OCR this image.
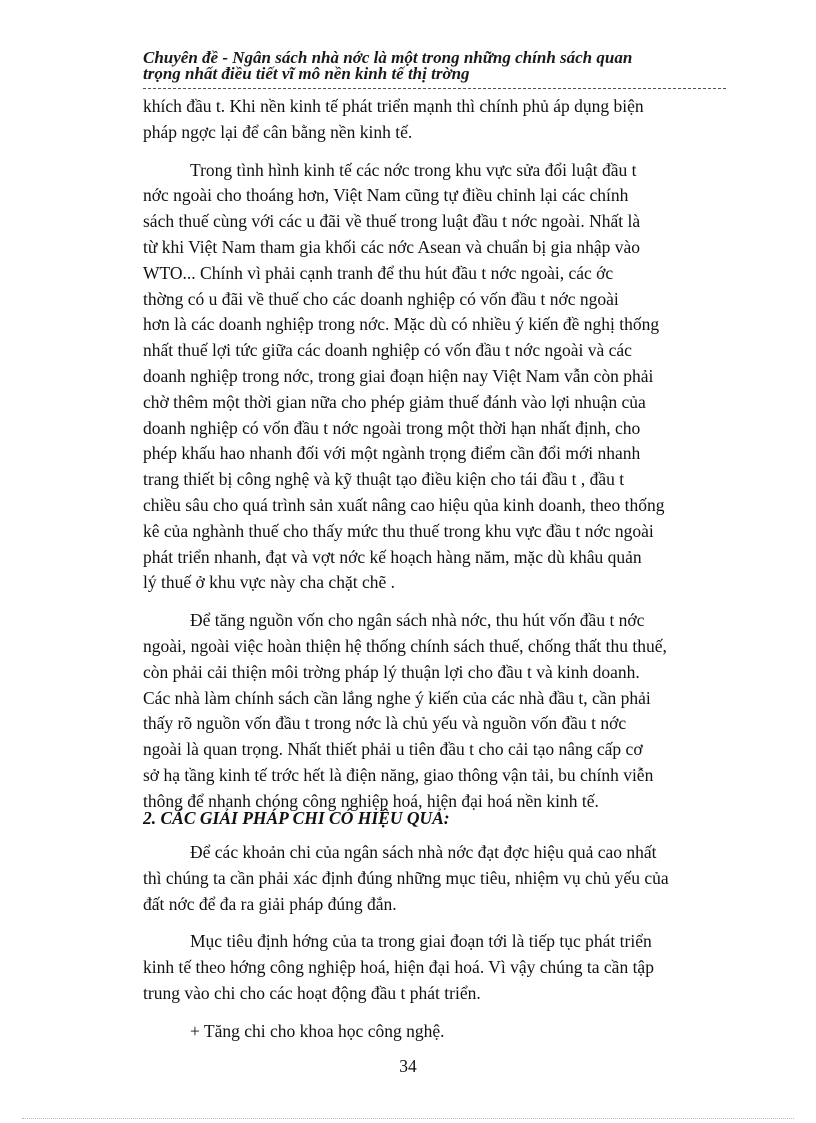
Chuyên đề - Ngân sách nhà nớc là một trong những chính sách quan
trọng nhất điều tiết vĩ mô nền kinh tế thị trờng
khích đầu t. Khi nền kinh tế phát triển mạnh thì chính phủ áp dụng biện
pháp ngợc lại để cân bằng nền kinh tế.
Trong tình hình kinh tế các nớc trong khu vực sửa đổi luật đầu t
nớc ngoài cho thoáng hơn, Việt Nam cũng tự điều chỉnh lại các chính
sách thuế cùng với các u đãi về thuế trong luật đầu t nớc ngoài. Nhất là
từ khi Việt Nam tham gia khối các nớc Asean và chuẩn bị gia nhập vào
WTO... Chính vì phải cạnh tranh để thu hút đầu t nớc ngoài, các ớc
thờng có u đãi về thuế cho các doanh nghiệp có vốn đầu t nớc ngoài
hơn là các doanh nghiệp trong nớc. Mặc dù có nhiều ý kiến đề nghị thống
nhất thuế lợi tức giữa các doanh nghiệp có vốn đầu t nớc ngoài và các
doanh nghiệp trong nớc, trong giai đoạn hiện nay Việt Nam vẫn còn phải
chờ thêm một thời gian nữa cho phép giảm thuế đánh vào lợi nhuận của
doanh nghiệp có vốn đầu t nớc ngoài trong một thời hạn nhất định, cho
phép khấu hao nhanh đối với một ngành trọng điểm cần đổi mới nhanh
trang thiết bị công nghệ và kỹ thuật tạo điều kiện cho tái đầu t , đầu t
chiều sâu cho quá trình sản xuất nâng cao hiệu qủa kinh doanh, theo thống
kê của nghành thuế cho thấy mức thu thuế trong khu vực đầu t nớc ngoài
phát triển nhanh, đạt và vợt nớc kế hoạch hàng năm, mặc dù khâu quản
lý thuế ở khu vực này cha chặt chẽ .
Để tăng nguồn vốn cho ngân sách nhà nớc, thu hút vốn đầu t nớc
ngoài, ngoài việc hoàn thiện hệ thống chính sách thuế, chống thất thu thuế,
còn phải cải thiện môi trờng pháp lý thuận lợi cho đầu t và kinh doanh.
Các nhà làm chính sách cần lắng nghe ý kiến của các nhà đầu t, cần phải
thấy rõ nguồn vốn đầu t trong nớc là chủ yếu và nguồn vốn đầu t nớc
ngoài là quan trọng. Nhất thiết phải u tiên đầu t cho cải tạo nâng cấp cơ
sở hạ tầng kinh tế trớc hết là điện năng, giao thông vận tải, bu chính viễn
thông để nhanh chóng công nghiệp hoá, hiện đại hoá nền kinh tế.
2. CÁC GIẢI PHÁP CHI CÓ HIỆU QUẢ:
Để các khoản chi của ngân sách nhà nớc đạt đợc hiệu quả cao nhất
thì chúng ta cần phải xác định đúng những mục tiêu, nhiệm vụ chủ yếu của
đất nớc để đa ra giải pháp đúng đắn.
Mục tiêu định hớng của ta trong giai đoạn tới là tiếp tục phát triển
kinh tế theo hớng công nghiệp hoá, hiện đại hoá. Vì vậy chúng ta cần tập
trung vào chi cho các hoạt động đầu t phát triển.
+ Tăng chi cho khoa học công nghệ.
34
